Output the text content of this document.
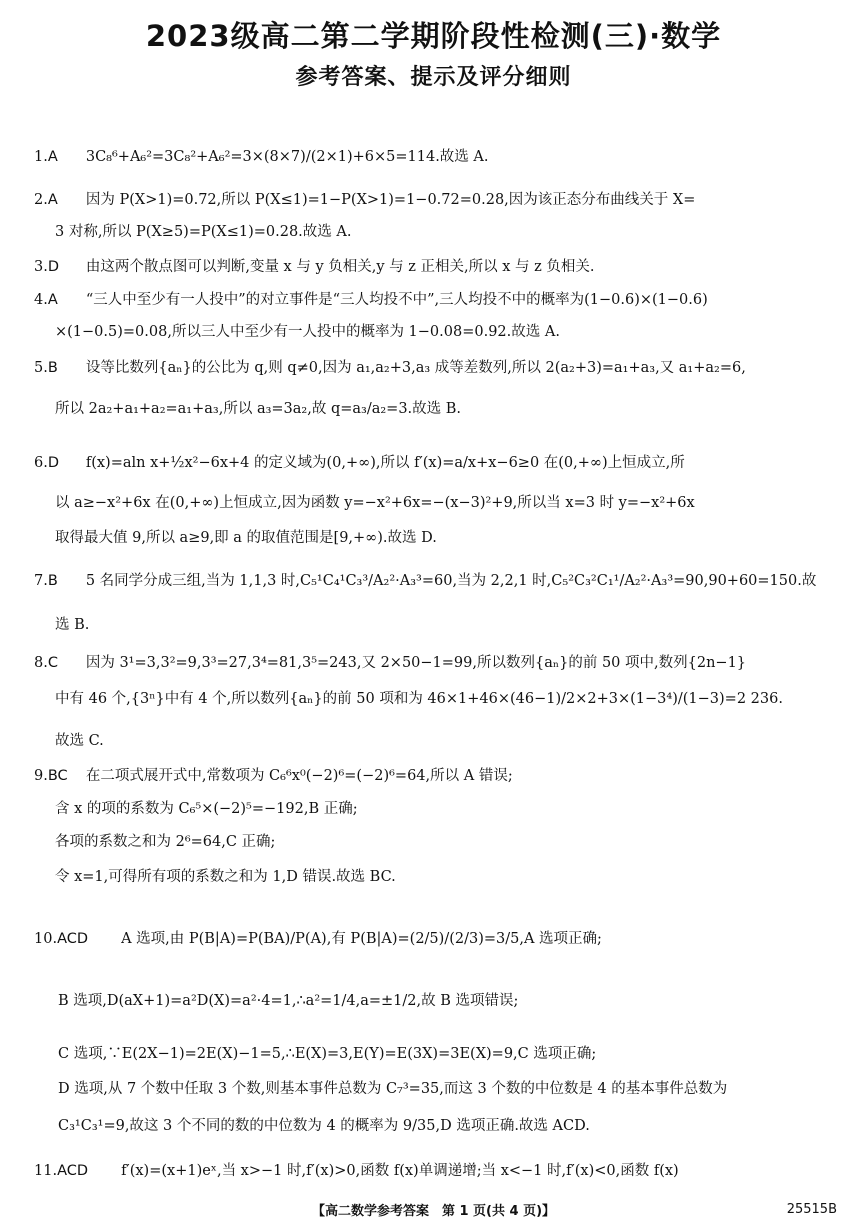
2023级高二第二学期阶段性检测(三)·数学
参考答案、提示及评分细则
1.A 3C₈⁶+A₆²=3C₈²+A₆²=3×(8×7)/(2×1)+6×5=114.故选 A.
2.A 因为 P(X>1)=0.72,所以 P(X≤1)=1−P(X>1)=1−0.72=0.28,因为该正态分布曲线关于 X=
3 对称,所以 P(X≥5)=P(X≤1)=0.28.故选 A.
3.D 由这两个散点图可以判断,变量 x 与 y 负相关,y 与 z 正相关,所以 x 与 z 负相关.
4.A “三人中至少有一人投中”的对立事件是“三人均投不中”,三人均投不中的概率为(1−0.6)×(1−0.6)
×(1−0.5)=0.08,所以三人中至少有一人投中的概率为 1−0.08=0.92.故选 A.
5.B 设等比数列{aₙ}的公比为 q,则 q≠0,因为 a₁,a₂+3,a₃ 成等差数列,所以 2(a₂+3)=a₁+a₃,又 a₁+a₂=6,
所以 2a₂+a₁+a₂=a₁+a₃,所以 a₃=3a₂,故 q=a₃/a₂=3.故选 B.
6.D f(x)=aln x+½x²−6x+4 的定义域为(0,+∞),所以 f′(x)=a/x+x−6≥0 在(0,+∞)上恒成立,所
以 a≥−x²+6x 在(0,+∞)上恒成立,因为函数 y=−x²+6x=−(x−3)²+9,所以当 x=3 时 y=−x²+6x
取得最大值 9,所以 a≥9,即 a 的取值范围是[9,+∞).故选 D.
7.B 5 名同学分成三组,当为 1,1,3 时,C₅¹C₄¹C₃³/A₂²·A₃³=60,当为 2,2,1 时,C₅²C₃²C₁¹/A₂²·A₃³=90,90+60=150.故
选 B.
8.C 因为 3¹=3,3²=9,3³=27,3⁴=81,3⁵=243,又 2×50−1=99,所以数列{aₙ}的前 50 项中,数列{2n−1}
中有 46 个,{3ⁿ}中有 4 个,所以数列{aₙ}的前 50 项和为 46×1+46×(46−1)/2×2+3×(1−3⁴)/(1−3)=2 236.
故选 C.
9.BC 在二项式展开式中,常数项为 C₆⁶x⁰(−2)⁶=(−2)⁶=64,所以 A 错误;
含 x 的项的系数为 C₆⁵×(−2)⁵=−192,B 正确;
各项的系数之和为 2⁶=64,C 正确;
令 x=1,可得所有项的系数之和为 1,D 错误.故选 BC.
10.ACD A 选项,由 P(B|A)=P(BA)/P(A),有 P(B|A)=(2/5)/(2/3)=3/5,A 选项正确;
B 选项,D(aX+1)=a²D(X)=a²·4=1,∴a²=1/4,a=±1/2,故 B 选项错误;
C 选项,∵E(2X−1)=2E(X)−1=5,∴E(X)=3,E(Y)=E(3X)=3E(X)=9,C 选项正确;
D 选项,从 7 个数中任取 3 个数,则基本事件总数为 C₇³=35,而这 3 个数的中位数是 4 的基本事件总数为
C₃¹C₃¹=9,故这 3 个不同的数的中位数为 4 的概率为 9/35,D 选项正确.故选 ACD.
11.ACD f′(x)=(x+1)eˣ,当 x>−1 时,f′(x)>0,函数 f(x)单调递增;当 x<−1 时,f′(x)<0,函数 f(x)
【高二数学参考答案　第 1 页(共 4 页)】	25515B
